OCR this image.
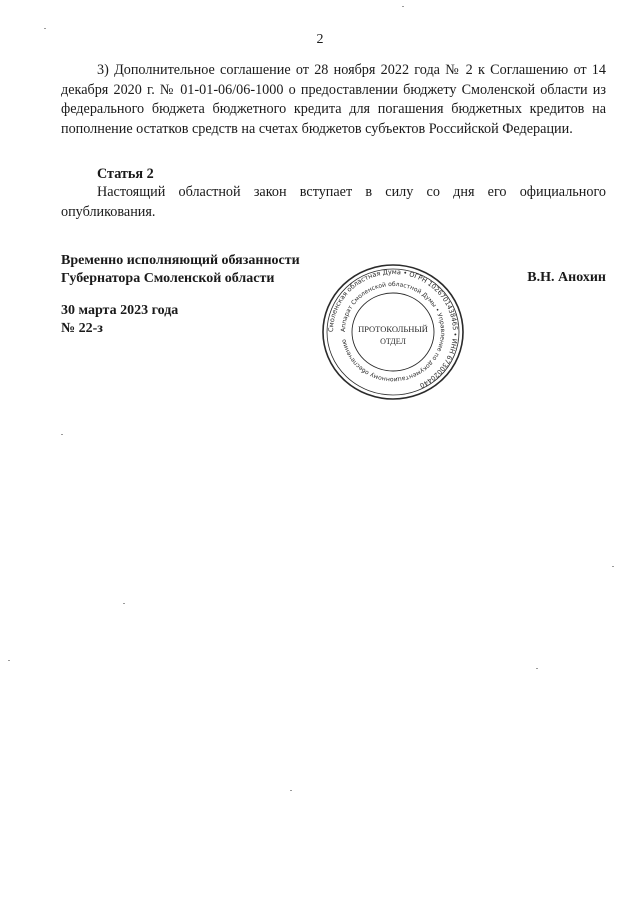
2

3) Дополнительное соглашение от 28 ноября 2022 года № 2 к Соглашению от 14 декабря 2020 г. № 01-01-06/06-1000 о предоставлении бюджету Смоленской области из федерального бюджета бюджетного кредита для погашения бюджетных кредитов на пополнение остатков средств на счетах бюджетов субъектов Российской Федерации.

Статья 2

Настоящий областной закон вступает в силу со дня его официального опубликования.

Временно исполняющий обязанности
Губернатора Смоленской области	В.Н. Анохин
30 марта 2023 года
№ 22-з	Смоленская областная Дума • ОГРН 1026701438465 • ИНН 6730020440
Аппарат Смоленской областной Думы • Управление по документационному обеспечению
ПРОТОКОЛЬНЫЙ
ОТДЕЛ
